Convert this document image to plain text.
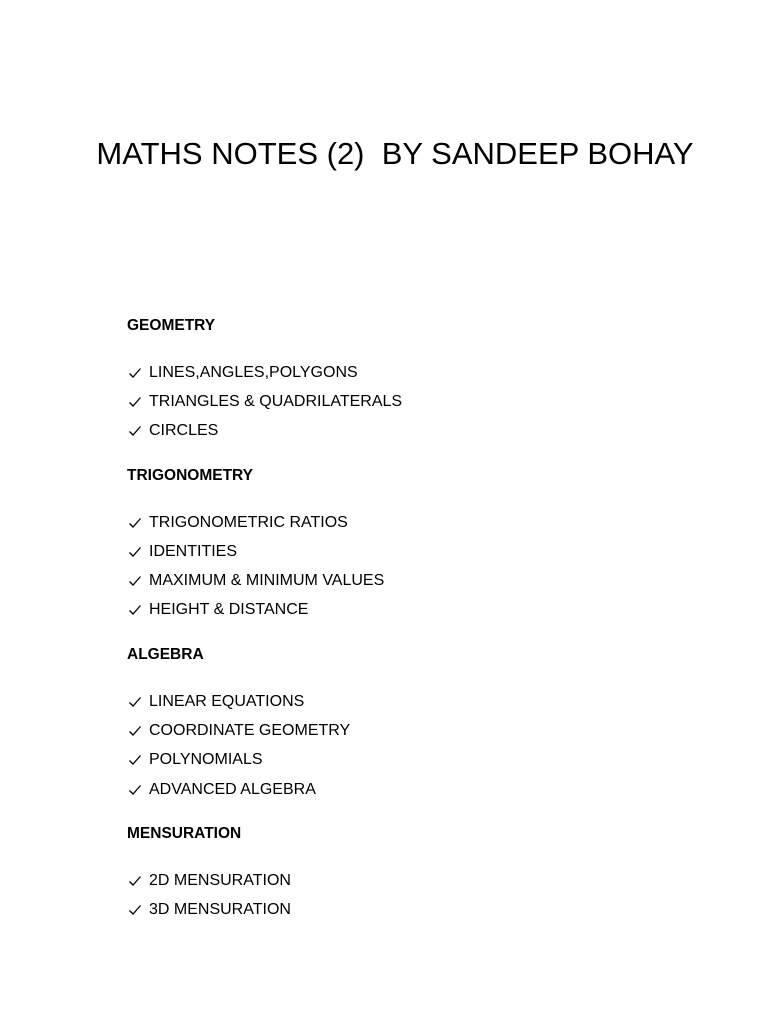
MATHS NOTES (2)  BY SANDEEP BOHAY
GEOMETRY
LINES,ANGLES,POLYGONS
TRIANGLES & QUADRILATERALS
CIRCLES
TRIGONOMETRY
TRIGONOMETRIC RATIOS
IDENTITIES
MAXIMUM & MINIMUM VALUES
HEIGHT & DISTANCE
ALGEBRA
LINEAR EQUATIONS
COORDINATE GEOMETRY
POLYNOMIALS
ADVANCED ALGEBRA
MENSURATION
2D MENSURATION
3D MENSURATION
